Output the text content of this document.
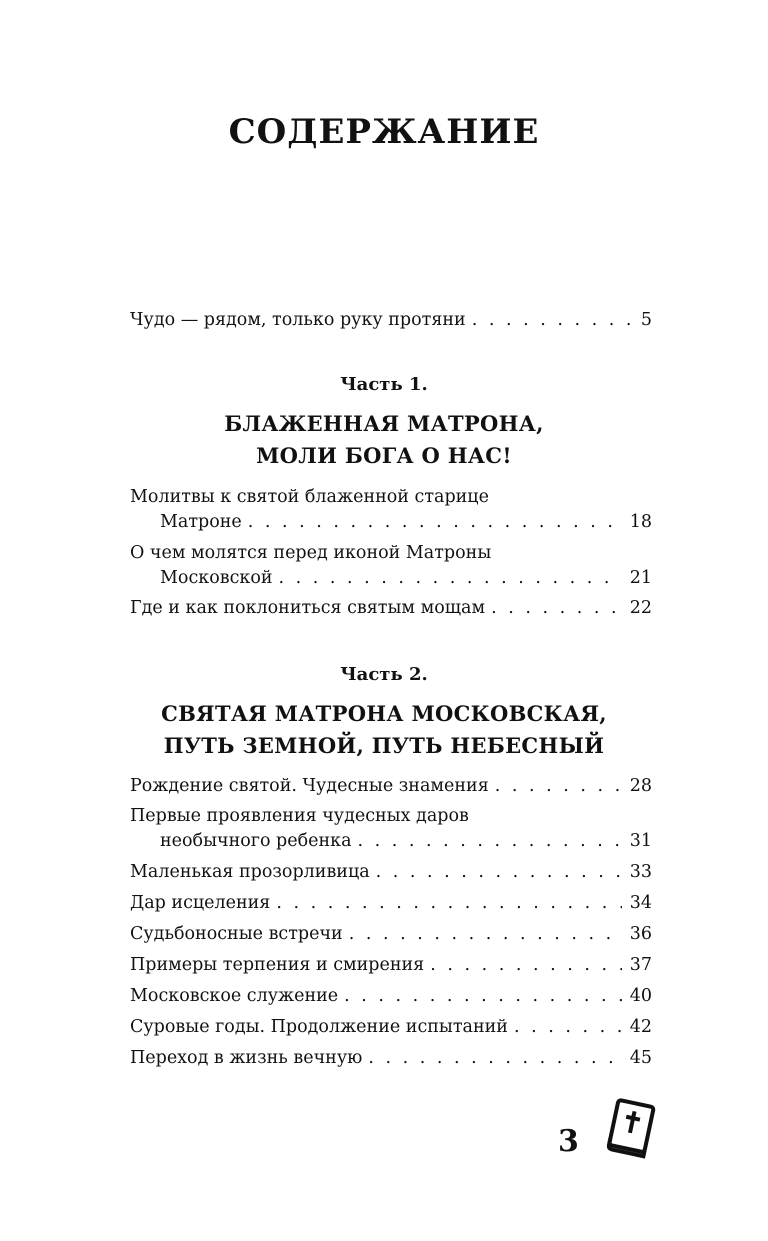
СОДЕРЖАНИЕ
Чудо — рядом, только руку протяни . . .	5
Часть 1.
БЛАЖЕННАЯ МАТРОНА,
МОЛИ БОГА О НАС!
Молитвы к святой блаженной старице
Матроне . . .	18
О чем молятся перед иконой Матроны
Московской . . .	21
Где и как поклониться святым мощам . . .	22
Часть 2.
СВЯТАЯ МАТРОНА МОСКОВСКАЯ,
ПУТЬ ЗЕМНОЙ, ПУТЬ НЕБЕСНЫЙ
Рождение святой. Чудесные знамения . . .	28
Первые проявления чудесных даров
необычного ребенка . . .	31
Маленькая прозорливица . . .	33
Дар исцеления . . .	34
Судьбоносные встречи . . .	36
Примеры терпения и смирения . . .	37
Московское служение . . .	40
Суровые годы. Продолжение испытаний . . .	42
Переход в жизнь вечную . . .	45
3
